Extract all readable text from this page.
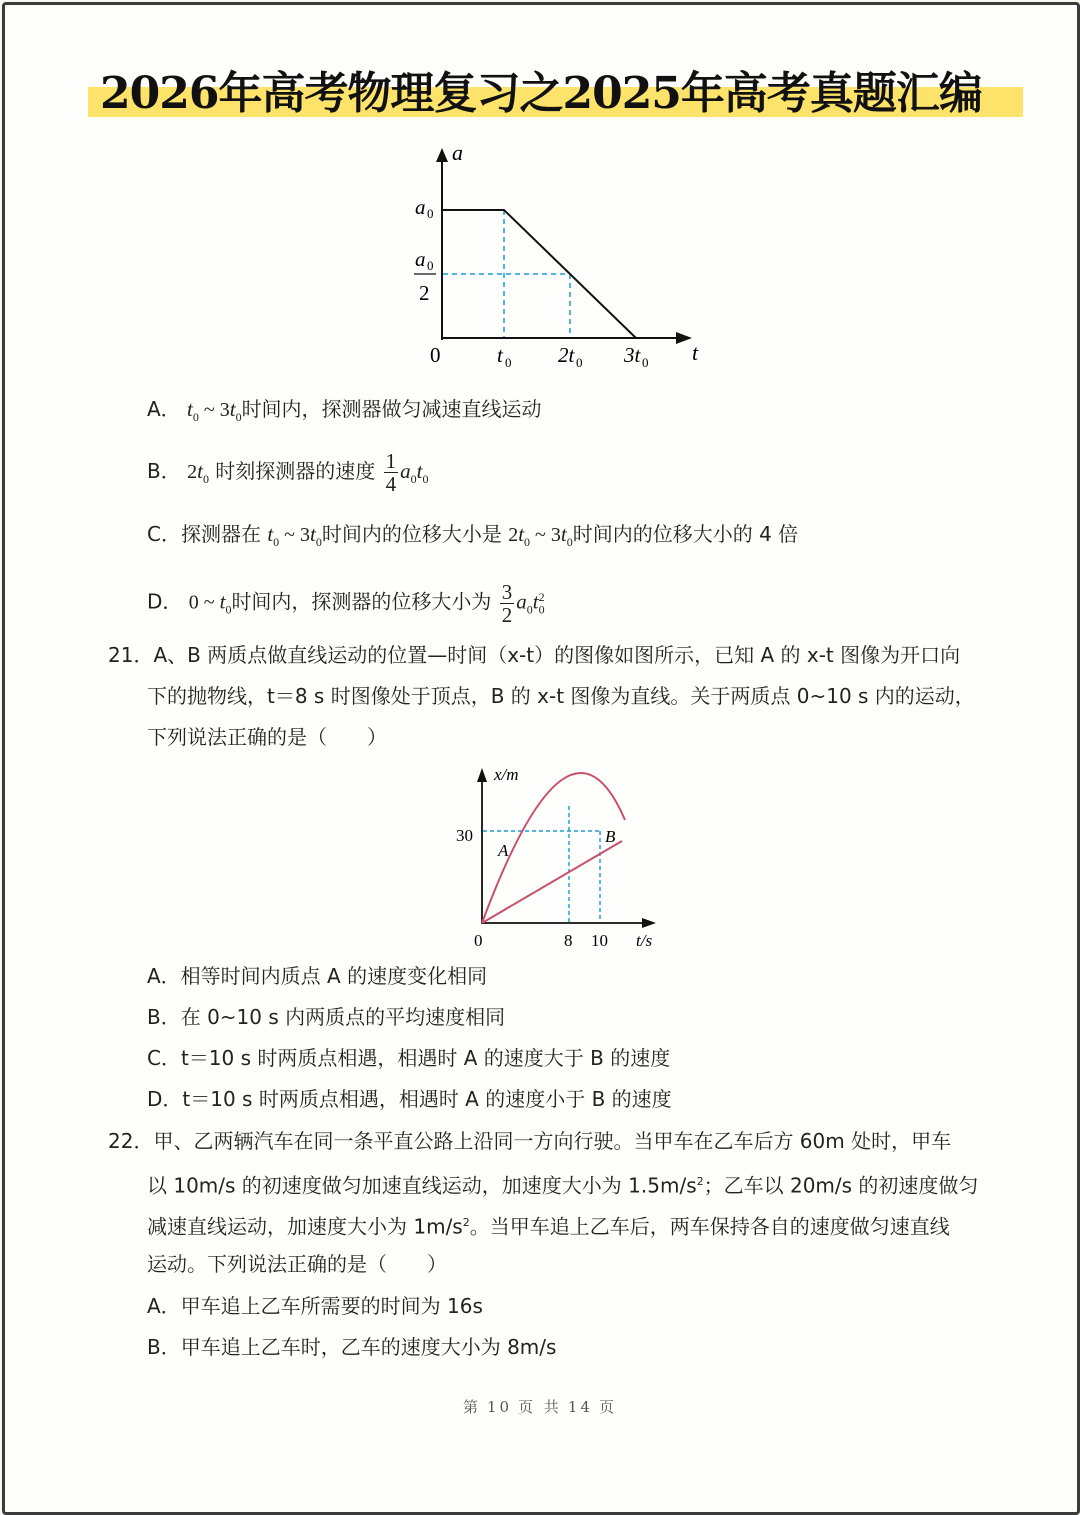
2026年高考物理复习之2025年高考真题汇编
a
t
0
a 0
a 0
2
t 0 2t 0 3t 0
A． $t_0$ ~ $3t_0$时间内，探测器做匀减速直线运动
B． $2t_0$ 时刻探测器的速度 $\frac{1}{4} a_0t_0$
C．探测器在 $t_0$ ~ $3t_0$时间内的位移大小是 $2t_0$ ~ $3t_0$时间内的位移大小的 4 倍
D． 0 ~ $t_0$时间内，探测器的位移大小为 $\frac{3}{2} a_0t_0^2$
21．A、B 两质点做直线运动的位置—时间（x-t）的图像如图所示，已知 A 的 x-t 图像为开口向
下的抛物线，t＝8 s 时图像处于顶点，B 的 x-t 图像为直线。关于两质点 0~10 s 内的运动，
下列说法正确的是（　　）
x/m
t/s
0
30
8 10
A
B
A．相等时间内质点 A 的速度变化相同
B．在 0~10 s 内两质点的平均速度相同
C．t＝10 s 时两质点相遇，相遇时 A 的速度大于 B 的速度
D．t＝10 s 时两质点相遇，相遇时 A 的速度小于 B 的速度
22．甲、乙两辆汽车在同一条平直公路上沿同一方向行驶。当甲车在乙车后方 60m 处时，甲车
以 10m/s 的初速度做匀加速直线运动，加速度大小为 $1.5m/s^2$；乙车以 20m/s 的初速度做匀
减速直线运动，加速度大小为 $1m/s^2$。当甲车追上乙车后，两车保持各自的速度做匀速直线
运动。下列说法正确的是（　　）
A．甲车追上乙车所需要的时间为 16s
B．甲车追上乙车时，乙车的速度大小为 8m/s
第 10 页 共 14 页
